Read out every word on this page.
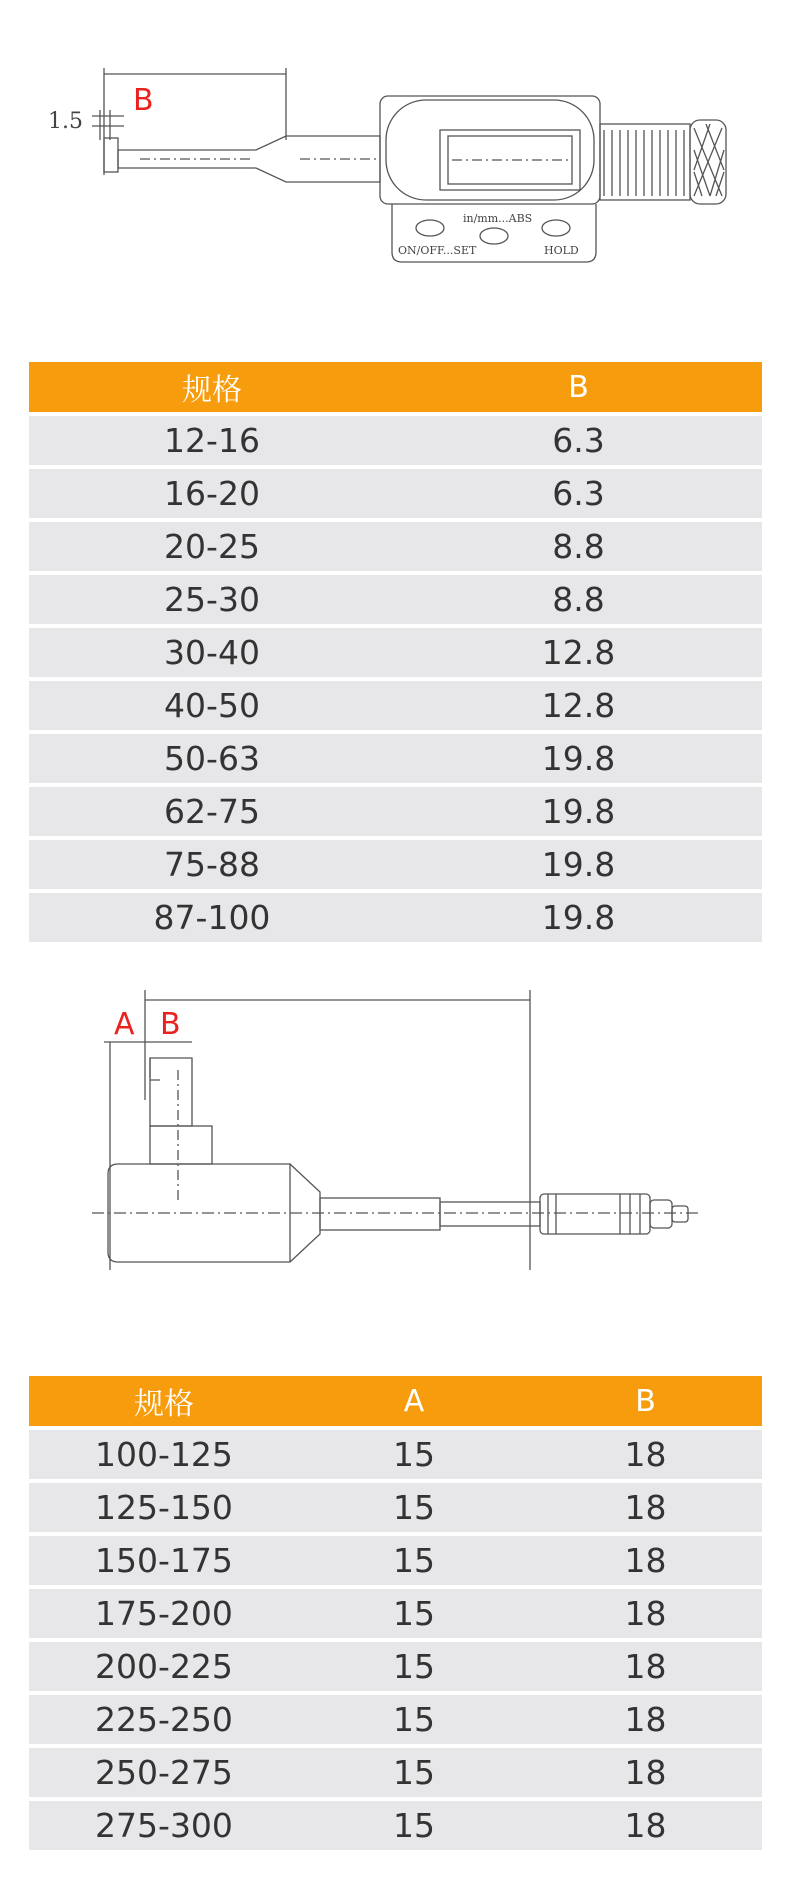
1.5
B
in/mm...ABS
ON/OFF...SET	HOLD
规格	B
12-16	6.3
16-20	6.3
20-25	8.8
25-30	8.8
30-40	12.8
40-50	12.8
50-63	19.8
62-75	19.8
75-88	19.8
87-100	19.8
A B
规格	A	B
100-125	15	18
125-150	15	18
150-175	15	18
175-200	15	18
200-225	15	18
225-250	15	18
250-275	15	18
275-300	15	18
